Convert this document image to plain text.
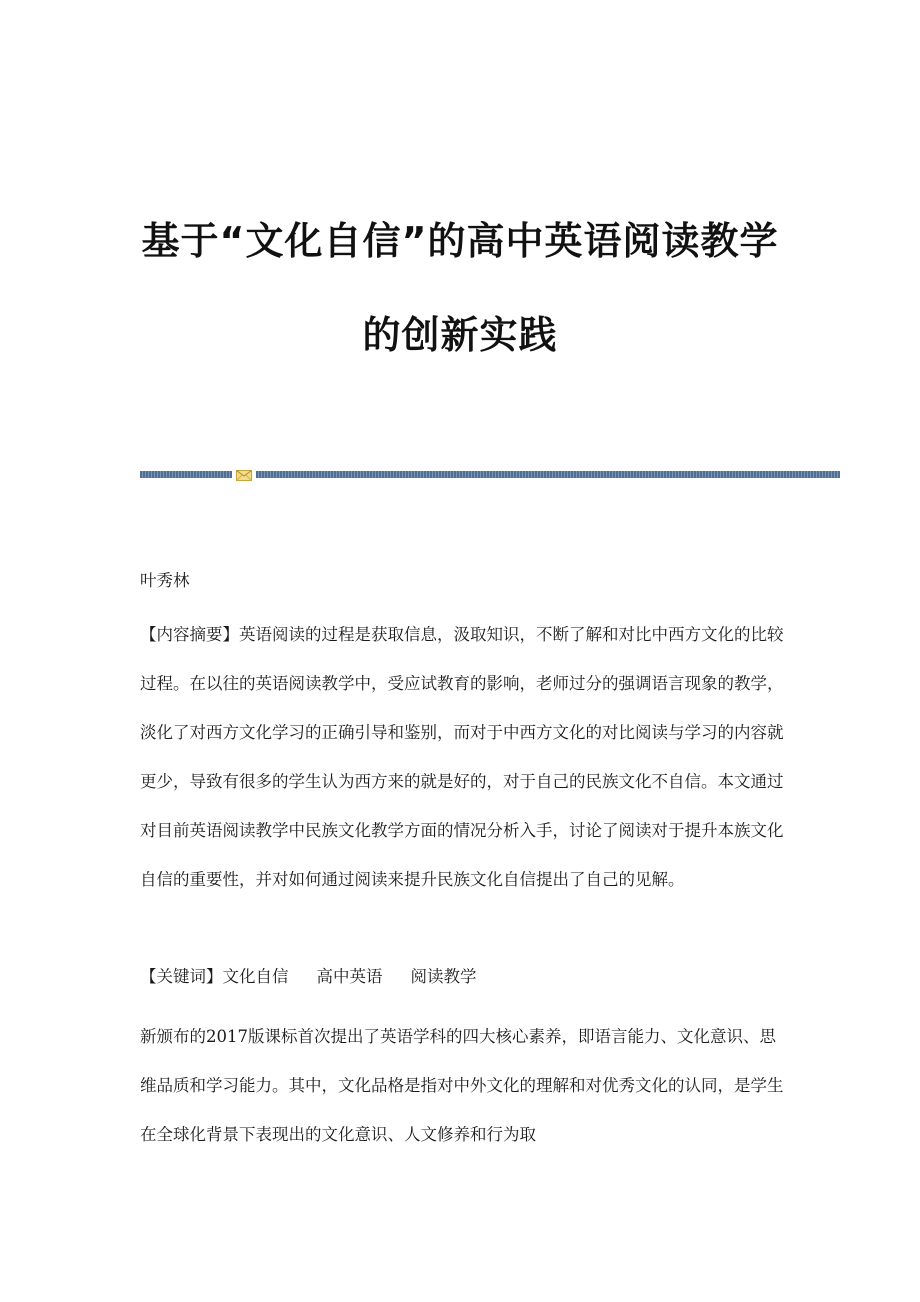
基于“文化自信”的高中英语阅读教学
的创新实践

叶秀林

【内容摘要】英语阅读的过程是获取信息，汲取知识，不断了解和对比中西方文化的比较过程。在以往的英语阅读教学中，受应试教育的影响，老师过分的强调语言现象的教学，淡化了对西方文化学习的正确引导和鉴别，而对于中西方文化的对比阅读与学习的内容就更少，导致有很多的学生认为西方来的就是好的，对于自己的民族文化不自信。本文通过对目前英语阅读教学中民族文化教学方面的情况分析入手，讨论了阅读对于提升本族文化自信的重要性，并对如何通过阅读来提升民族文化自信提出了自己的见解。

【关键词】文化自信 高中英语 阅读教学

新颁布的2017版课标首次提出了英语学科的四大核心素养，即语言能力、文化意识、思维品质和学习能力。其中，文化品格是指对中外文化的理解和对优秀文化的认同，是学生在全球化背景下表现出的文化意识、人文修养和行为取
